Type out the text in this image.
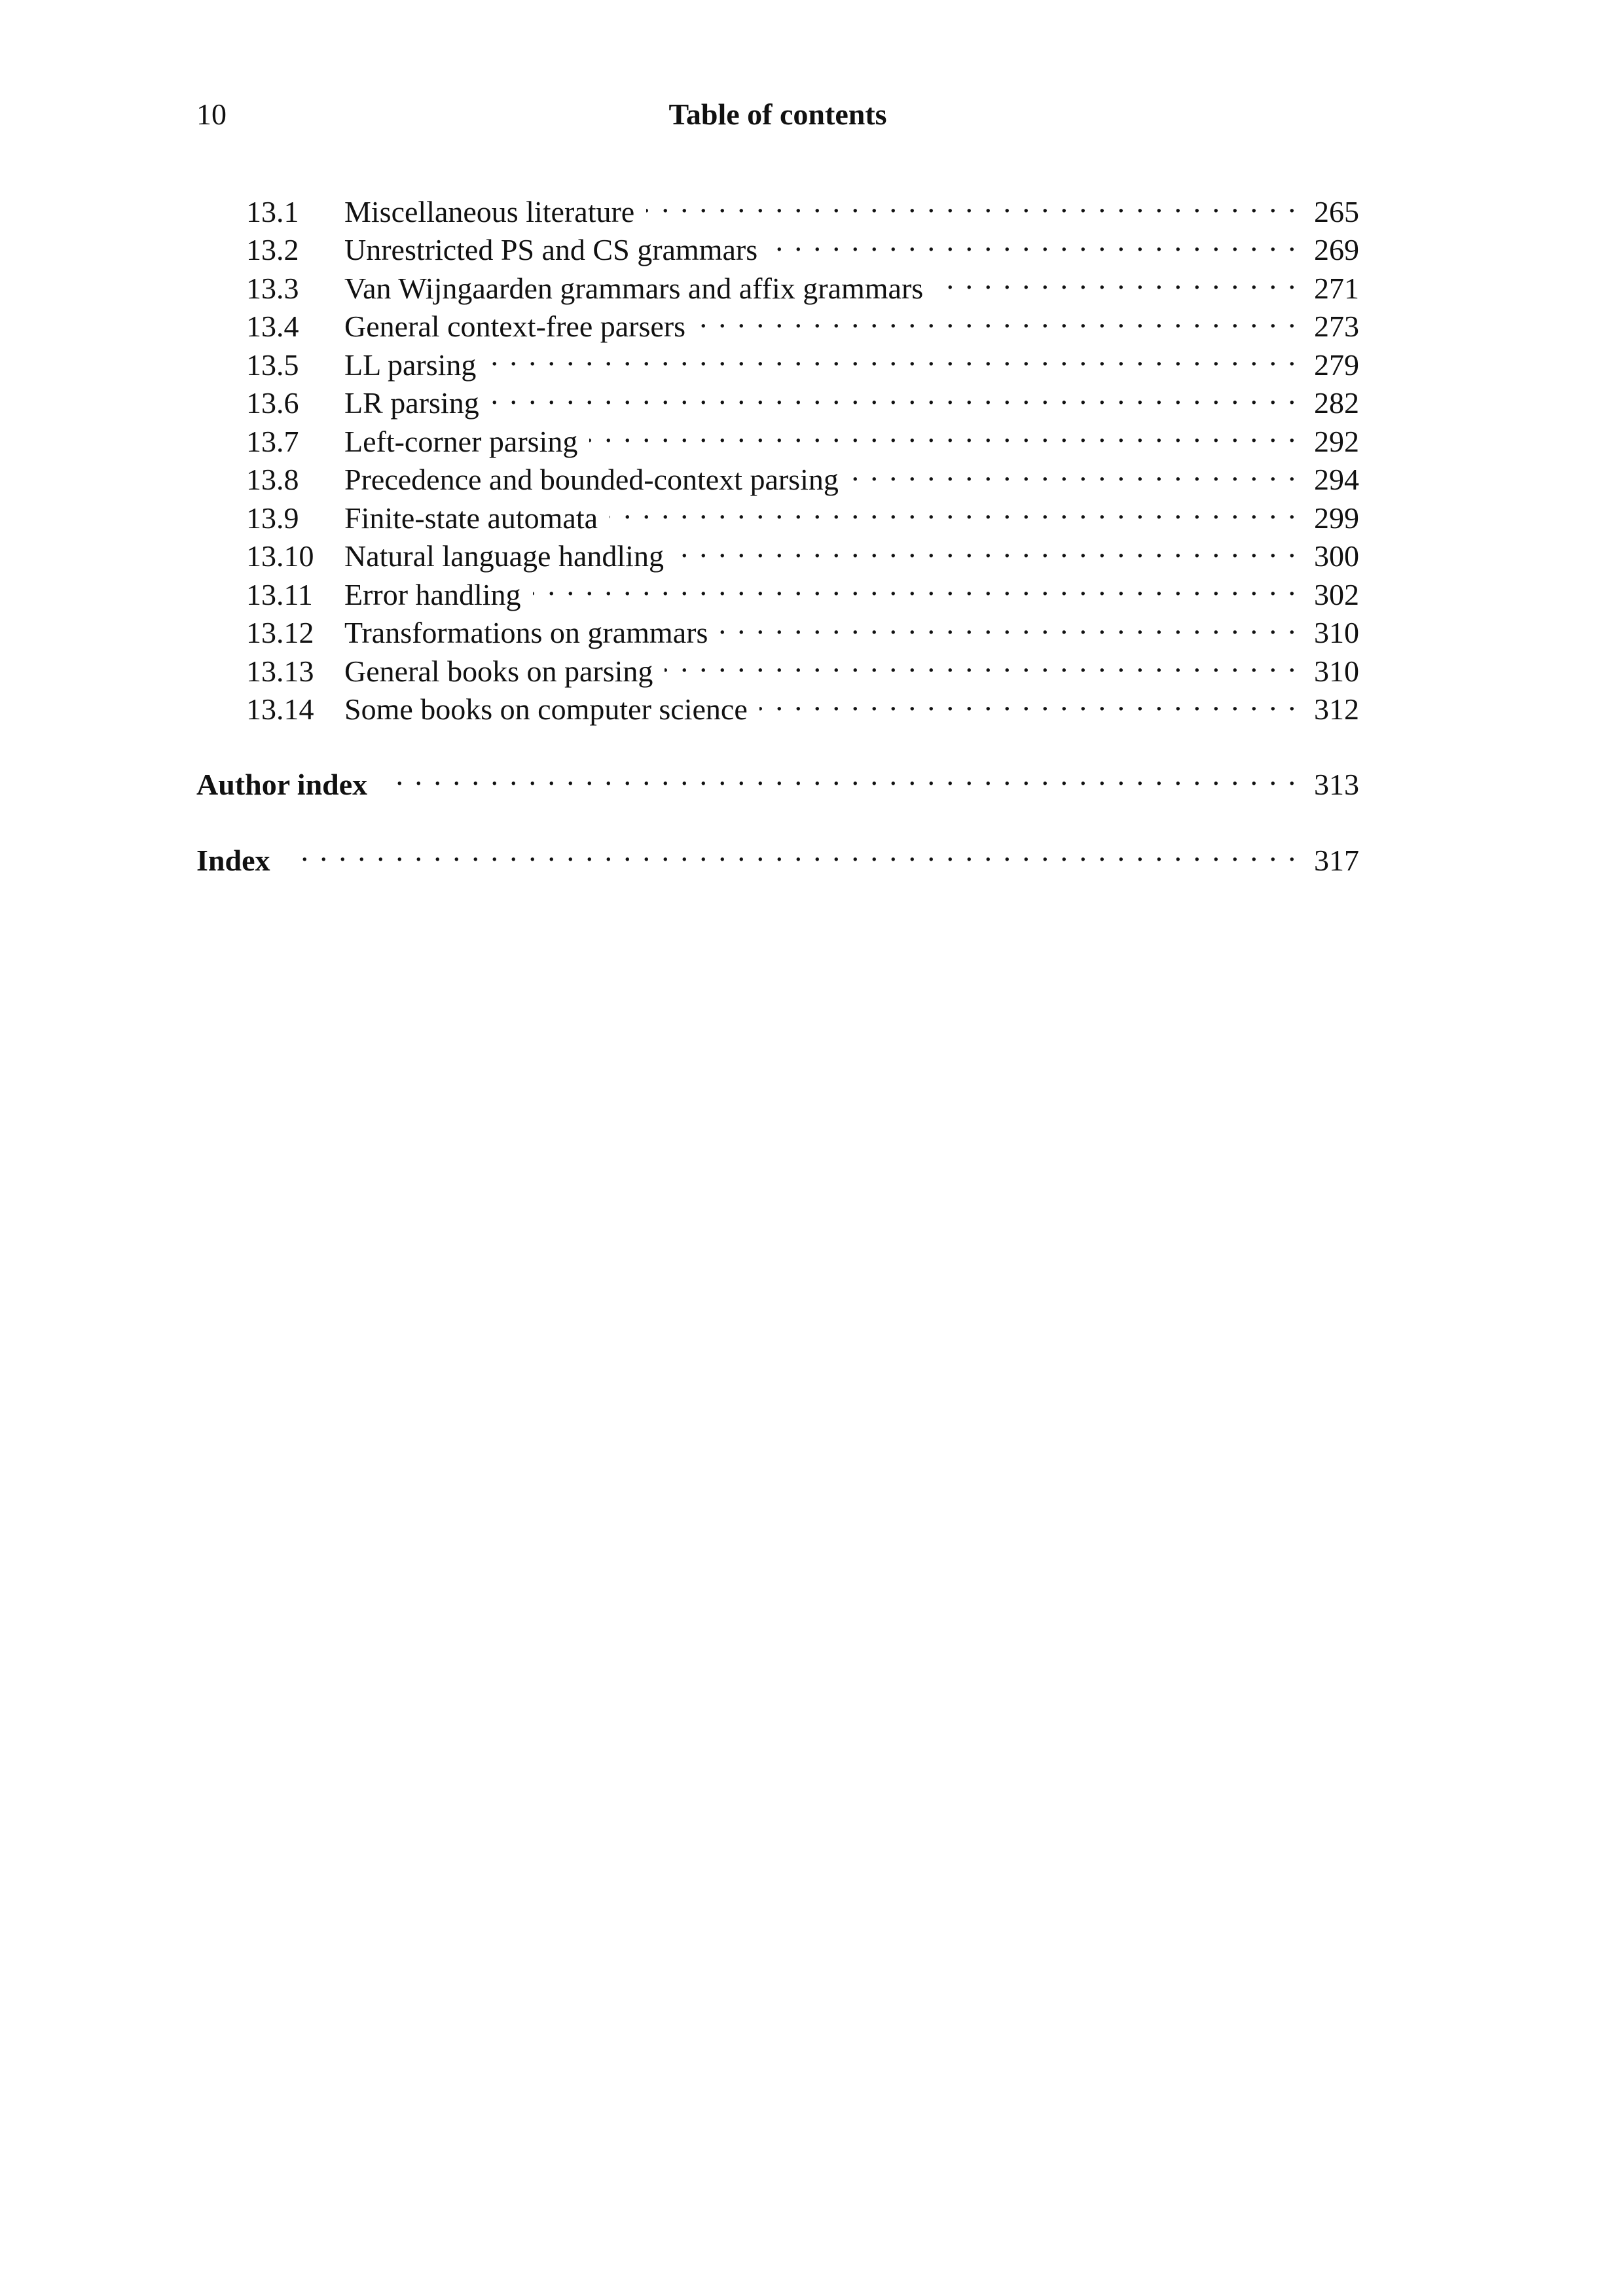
10	Table of contents
13.1	Miscellaneous literature . . .	265
13.2	Unrestricted PS and CS grammars . . .	269
13.3	Van Wijngaarden grammars and affix grammars . . .	271
13.4	General context-free parsers . . .	273
13.5	LL parsing . . .	279
13.6	LR parsing . . .	282
13.7	Left-corner parsing . . .	292
13.8	Precedence and bounded-context parsing . . .	294
13.9	Finite-state automata . . .	299
13.10	Natural language handling . . .	300
13.11	Error handling . . .	302
13.12	Transformations on grammars . . .	310
13.13	General books on parsing . . .	310
13.14	Some books on computer science . . .	312
Author index . . .	313
Index . . .	317
